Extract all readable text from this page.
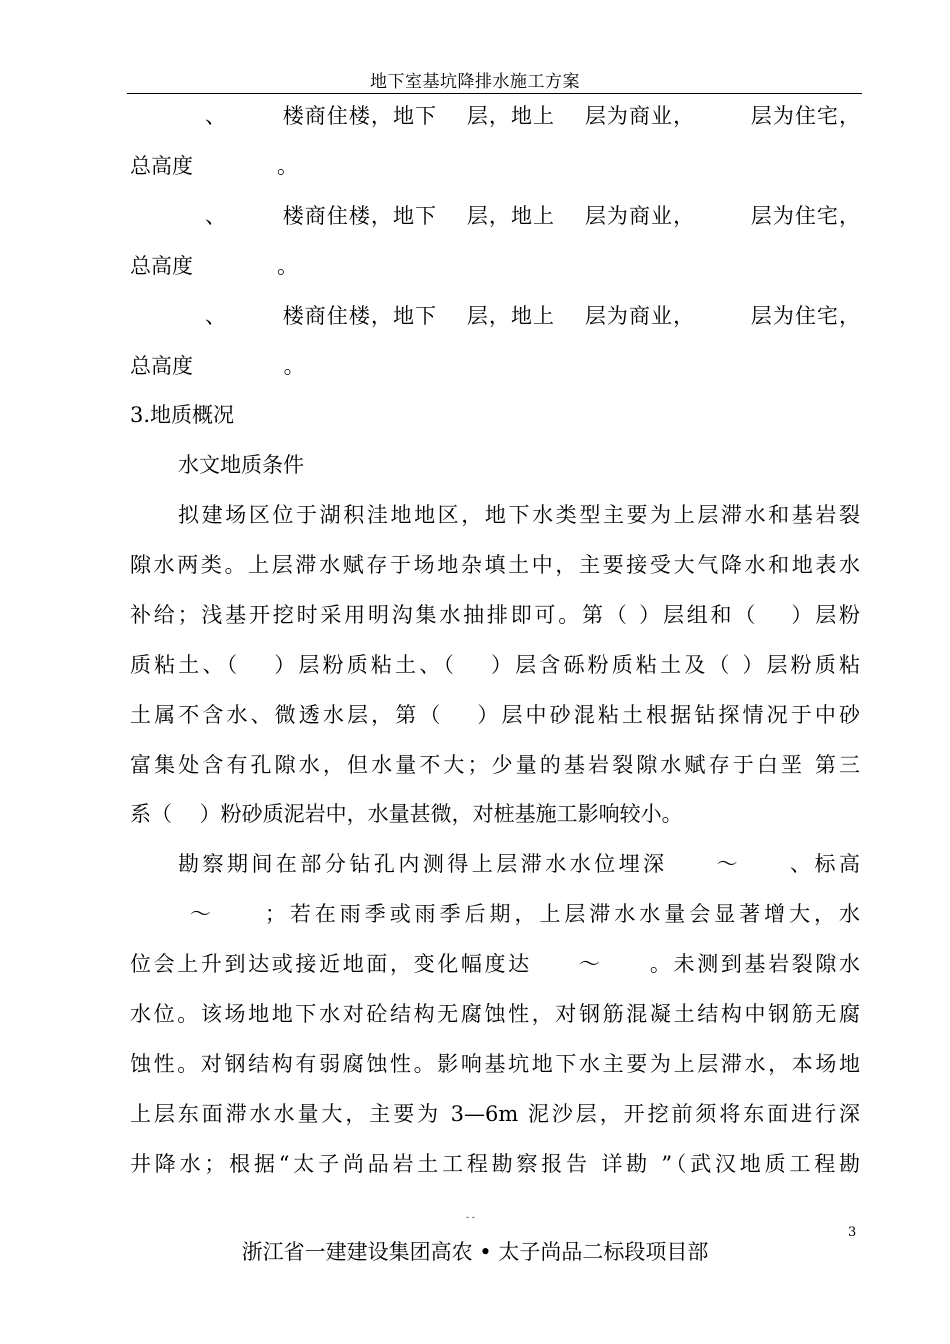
地下室基坑降排水施工方案
、　　　楼商住楼，地下　 层，地上　 层为商业，　　　层为住宅，
总高度　　　　。
、　　　楼商住楼，地下　 层，地上　 层为商业，　　　层为住宅，
总高度　　　　。
、　　　楼商住楼，地下　 层，地上　 层为商业，　　　层为住宅，
总高度　　　　 。
3.地质概况
水文地质条件
拟建场区位于湖积洼地地区，地下水类型主要为上层滞水和基岩裂
隙水两类。上层滞水赋存于场地杂填土中，主要接受大气降水和地表水
补给；浅基开挖时采用明沟集水抽排即可。第（ ）层组和（　 ）层粉
质粘土、（　 ）层粉质粘土、（　 ）层含砾粉质粘土及（ ）层粉质粘
土属不含水、微透水层，第（　 ）层中砂混粘土根据钻探情况于中砂
富集处含有孔隙水，但水量不大；少量的基岩裂隙水赋存于白垩 第三
系（　 ）粉砂质泥岩中，水量甚微，对桩基施工影响较小。
勘察期间在部分钻孔内测得上层滞水水位埋深　　～　　、标高
～　　；若在雨季或雨季后期，上层滞水水量会显著增大，水
位会上升到达或接近地面，变化幅度达　　～　　。未测到基岩裂隙水
水位。该场地地下水对砼结构无腐蚀性，对钢筋混凝土结构中钢筋无腐
蚀性。对钢结构有弱腐蚀性。影响基坑地下水主要为上层滞水，本场地
上层东面滞水水量大，主要为 3—6m 泥沙层，开挖前须将东面进行深
井降水；根据“太子尚品岩土工程勘察报告 详勘 ”（武汉地质工程勘
- -
3
浙江省一建建设集团高农 • 太子尚品二标段项目部
